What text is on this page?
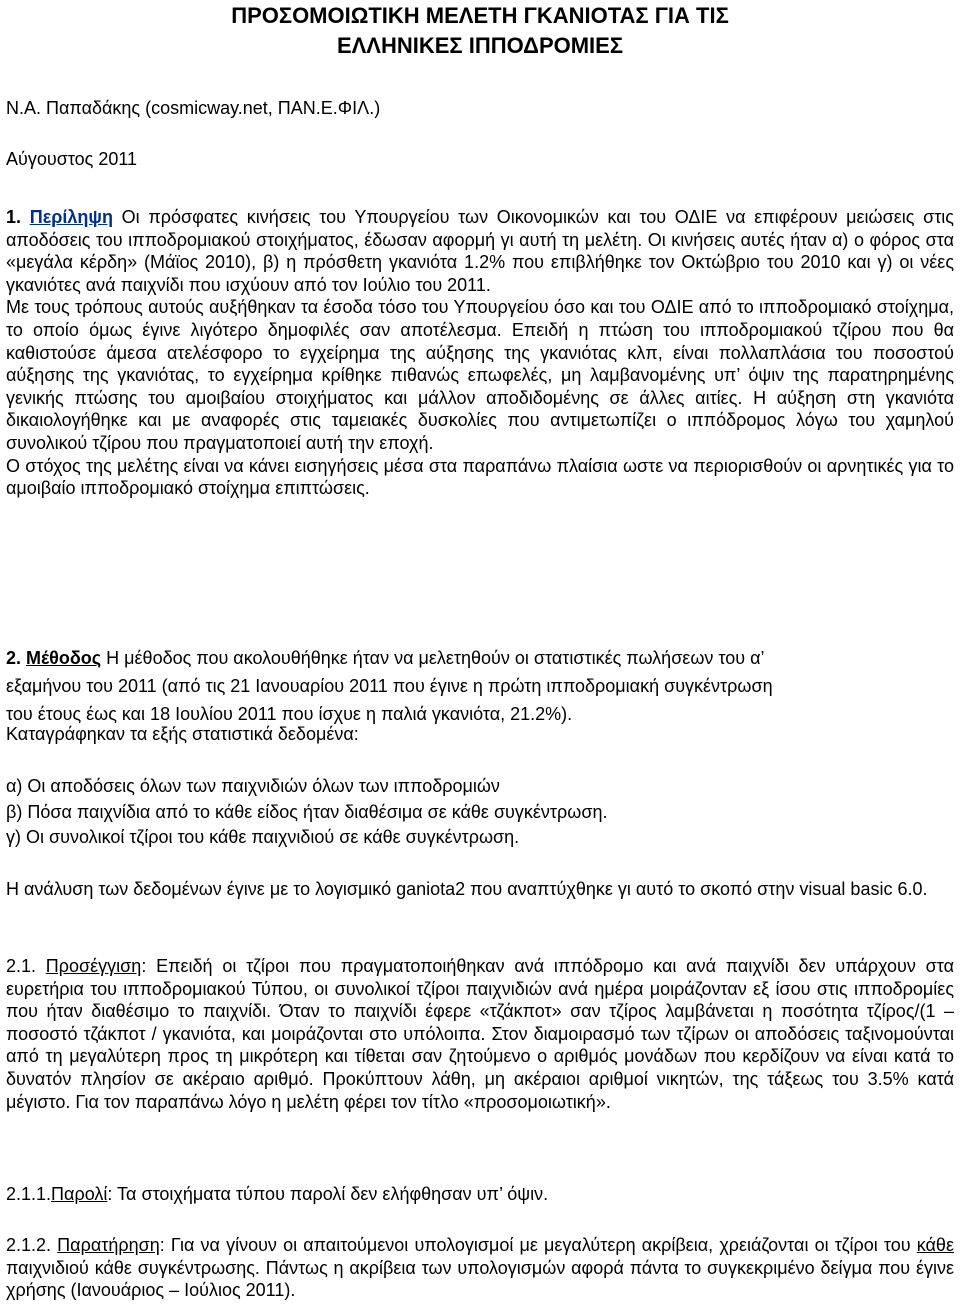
ΠΡΟΣΟΜΟΙΩΤΙΚΗ ΜΕΛΕΤΗ ΓΚΑΝΙΟΤΑΣ ΓΙΑ ΤΙΣ
ΕΛΛΗΝΙΚΕΣ ΙΠΠΟΔΡΟΜΙΕΣ
Ν.Α. Παπαδάκης (cosmicway.net, ΠΑΝ.Ε.ΦΙΛ.)
Αύγουστος 2011

1. Περίληψη Οι πρόσφατες κινήσεις του Υπουργείου των Οικονομικών και του ΟΔΙΕ να επιφέρουν μειώσεις στις αποδόσεις του ιπποδρομιακού στοιχήματος, έδωσαν αφορμή γι αυτή τη μελέτη. Οι κινήσεις αυτές ήταν α) ο φόρος στα «μεγάλα κέρδη» (Μάϊος 2010), β) η πρόσθετη γκανιότα 1.2% που επιβλήθηκε τον Οκτώβριο του 2010 και γ) οι νέες γκανιότες ανά παιχνίδι που ισχύουν από τον Ιούλιο του 2011.

Με τους τρόπους αυτούς αυξήθηκαν τα έσοδα τόσο του Υπουργείου όσο και του ΟΔΙΕ από το ιπποδρομιακό στοίχημα, το οποίο όμως έγινε λιγότερο δημοφιλές σαν αποτέλεσμα. Επειδή η πτώση του ιπποδρομιακού τζίρου που θα καθιστούσε άμεσα ατελέσφορο το εγχείρημα της αύξησης της γκανιότας κλπ, είναι πολλαπλάσια του ποσοστού αύξησης της γκανιότας, το εγχείρημα κρίθηκε πιθανώς επωφελές, μη λαμβανομένης υπ’ όψιν της παρατηρημένης γενικής πτώσης του αμοιβαίου στοιχήματος και μάλλον αποδιδομένης σε άλλες αιτίες. Η αύξηση στη γκανιότα δικαιολογήθηκε και με αναφορές στις ταμειακές δυσκολίες που αντιμετωπίζει ο ιππόδρομος λόγω του χαμηλού συνολικού τζίρου που πραγματοποιεί αυτή την εποχή.

Ο στόχος της μελέτης είναι να κάνει εισηγήσεις μέσα στα παραπάνω πλαίσια ωστε να περιορισθούν οι αρνητικές για το αμοιβαίο ιπποδρομιακό στοίχημα επιπτώσεις.

2. Μέθοδος Η μέθοδος που ακολουθήθηκε ήταν να μελετηθούν οι στατιστικές πωλήσεων του α’
εξαμήνου του 2011 (από τις 21 Ιανουαρίου 2011 που έγινε η πρώτη ιπποδρομιακή συγκέντρωση
του έτους έως και 18 Ιουλίου 2011 που ίσχυε η παλιά γκανιότα, 21.2%).
Καταγράφηκαν τα εξής στατιστικά δεδομένα:
α) Οι αποδόσεις όλων των παιχνιδιών όλων των ιπποδρομιών
β) Πόσα παιχνίδια από το κάθε είδος ήταν διαθέσιμα σε κάθε συγκέντρωση.
γ) Οι συνολικοί τζίροι του κάθε παιχνιδιού σε κάθε συγκέντρωση.
Η ανάλυση των δεδομένων έγινε με το λογισμικό ganiota2 που αναπτύχθηκε γι αυτό το σκοπό στην visual basic 6.0.
2.1. Προσέγγιση: Επειδή οι τζίροι που πραγματοποιήθηκαν ανά ιππόδρομο και ανά παιχνίδι δεν υπάρχουν στα ευρετήρια του ιπποδρομιακού Τύπου, οι συνολικοί τζίροι παιχνιδιών ανά ημέρα μοιράζονταν εξ ίσου στις ιπποδρομίες που ήταν διαθέσιμο το παιχνίδι. Όταν το παιχνίδι έφερε «τζάκποτ» σαν τζίρος λαμβάνεται η ποσότητα τζίρος/(1 – ποσοστό τζάκποτ / γκανιότα, και μοιράζονται στο υπόλοιπα. Στον διαμοιρασμό των τζίρων οι αποδόσεις ταξινομούνται από τη μεγαλύτερη προς τη μικρότερη και τίθεται σαν ζητούμενο ο αριθμός μονάδων που κερδίζουν να είναι κατά το δυνατόν πλησίον σε ακέραιο αριθμό. Προκύπτουν λάθη, μη ακέραιοι αριθμοί νικητών, της τάξεως του 3.5% κατά μέγιστο. Για τον παραπάνω λόγο η μελέτη φέρει τον τίτλο «προσομοιωτική».
2.1.1.Παρολί: Τα στοιχήματα τύπου παρολί δεν ελήφθησαν υπ’ όψιν.
2.1.2. Παρατήρηση: Για να γίνουν οι απαιτούμενοι υπολογισμοί με μεγαλύτερη ακρίβεια, χρειάζονται οι τζίροι του κάθε παιχνιδιού κάθε συγκέντρωσης. Πάντως η ακρίβεια των υπολογισμών αφορά πάντα το συγκεκριμένο δείγμα που έγινε χρήσης (Ιανουάριος – Ιούλιος 2011).
